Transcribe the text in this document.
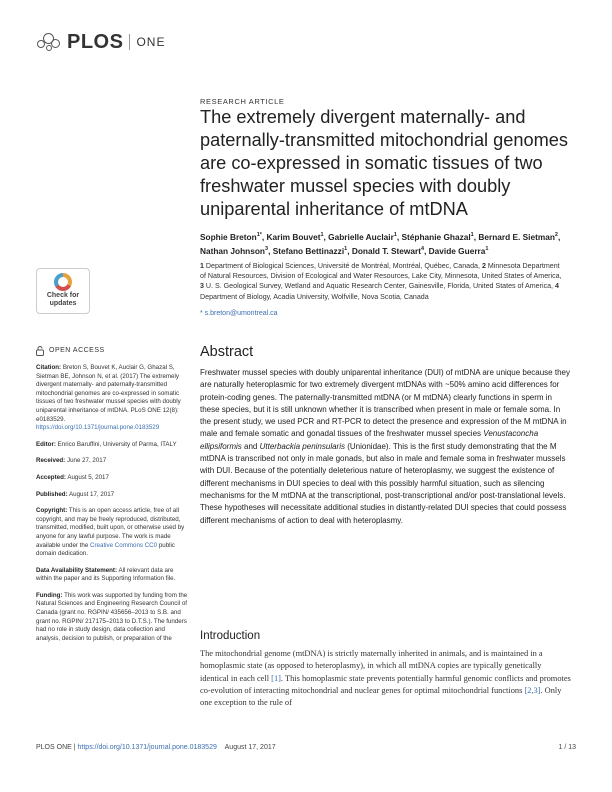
PLOS ONE
RESEARCH ARTICLE
The extremely divergent maternally- and paternally-transmitted mitochondrial genomes are co-expressed in somatic tissues of two freshwater mussel species with doubly uniparental inheritance of mtDNA
Sophie Breton$^{1*}$, Karim Bouvet$^1$, Gabrielle Auclair$^1$, Stéphanie Ghazal$^1$, Bernard E. Sietman$^2$, Nathan Johnson$^3$, Stefano Bettinazzi$^1$, Donald T. Stewart$^4$, Davide Guerra$^1$
1 Department of Biological Sciences, Université de Montréal, Montréal, Québec, Canada, 2 Minnesota Department of Natural Resources, Division of Ecological and Water Resources, Lake City, Minnesota, United States of America, 3 U. S. Geological Survey, Wetland and Aquatic Research Center, Gainesville, Florida, United States of America, 4 Department of Biology, Acadia University, Wolfville, Nova Scotia, Canada
* s.breton@umontreal.ca
Check for
updates
OPEN ACCESS
Citation: Breton S, Bouvet K, Auclair G, Ghazal S, Sietman BE, Johnson N, et al. (2017) The extremely divergent maternally- and paternally-transmitted mitochondrial genomes are co-expressed in somatic tissues of two freshwater mussel species with doubly uniparental inheritance of mtDNA. PLoS ONE 12(8): e0183529. https://doi.org/10.1371/journal.pone.0183529
Editor: Enrico Baruffini, University of Parma, ITALY
Received: June 27, 2017
Accepted: August 5, 2017
Published: August 17, 2017
Copyright: This is an open access article, free of all copyright, and may be freely reproduced, distributed, transmitted, modified, built upon, or otherwise used by anyone for any lawful purpose. The work is made available under the Creative Commons CC0 public domain dedication.
Data Availability Statement: All relevant data are within the paper and its Supporting Information file.
Funding: This work was supported by funding from the Natural Sciences and Engineering Research Council of Canada (grant no. RGPIN/ 435656–2013 to S.B. and grant no. RGPIN/ 217175–2013 to D.T.S.). The funders had no role in study design, data collection and analysis, decision to publish, or preparation of the
Abstract
Freshwater mussel species with doubly uniparental inheritance (DUI) of mtDNA are unique because they are naturally heteroplasmic for two extremely divergent mtDNAs with ~50% amino acid differences for protein-coding genes. The paternally-transmitted mtDNA (or M mtDNA) clearly functions in sperm in these species, but it is still unknown whether it is transcribed when present in male or female soma. In the present study, we used PCR and RT-PCR to detect the presence and expression of the M mtDNA in male and female somatic and gonadal tissues of the freshwater mussel species Venustaconcha ellipsiformis and Utterbackia peninsularis (Unionidae). This is the first study demonstrating that the M mtDNA is transcribed not only in male gonads, but also in male and female soma in freshwater mussels with DUI. Because of the potentially deleterious nature of heteroplasmy, we suggest the existence of different mechanisms in DUI species to deal with this possibly harmful situation, such as silencing mechanisms for the M mtDNA at the transcriptional, post-transcriptional and/or post-translational levels. These hypotheses will necessitate additional studies in distantly-related DUI species that could possess different mechanisms of action to deal with heteroplasmy.
Introduction
The mitochondrial genome (mtDNA) is strictly maternally inherited in animals, and is maintained in a homoplasmic state (as opposed to heteroplasmy), in which all mtDNA copies are typically genetically identical in each cell [1]. This homoplasmic state prevents potentially harmful genomic conflicts and promotes co-evolution of interacting mitochondrial and nuclear genes for optimal mitochondrial functions [2,3]. Only one exception to the rule of
PLOS ONE | https://doi.org/10.1371/journal.pone.0183529 August 17, 2017	1 / 13
